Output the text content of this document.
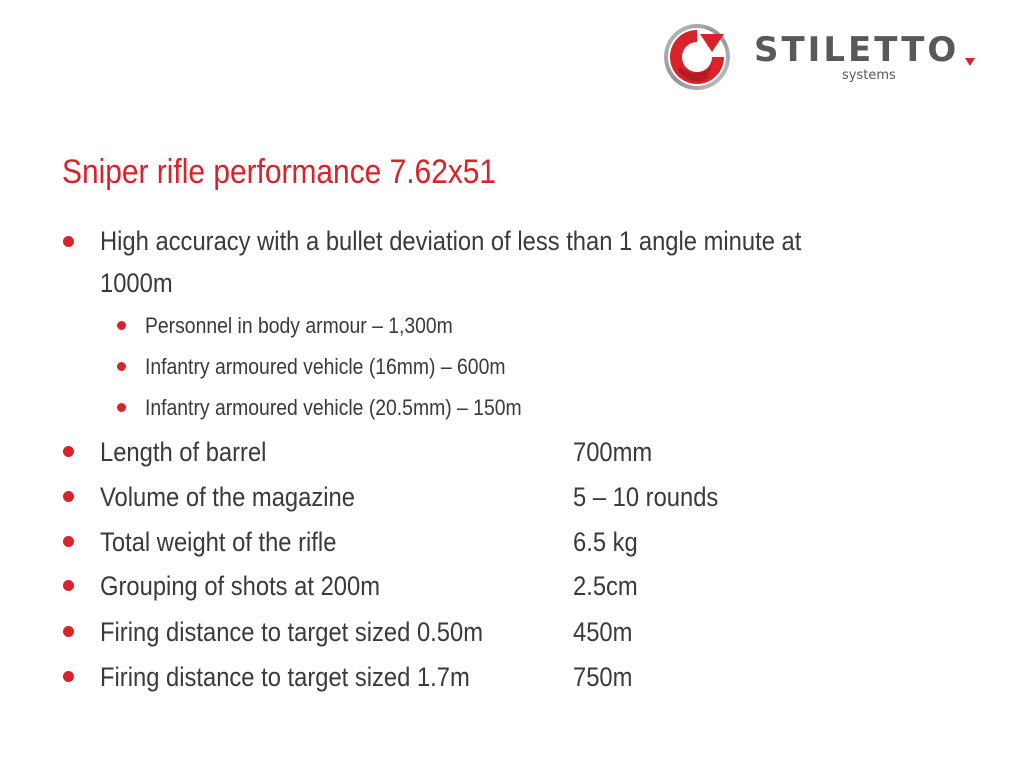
STILETTO
systems
Sniper rifle performance 7.62x51
High accuracy with a bullet deviation of less than 1 angle minute at
1000m
Personnel in body armour – 1,300m
Infantry armoured vehicle (16mm) – 600m
Infantry armoured vehicle (20.5mm) – 150m
Length of barrel	700mm
Volume of the magazine	5 – 10 rounds
Total weight of the rifle	6.5 kg
Grouping of shots at 200m	2.5cm
Firing distance to target sized 0.50m	450m
Firing distance to target sized 1.7m	750m
